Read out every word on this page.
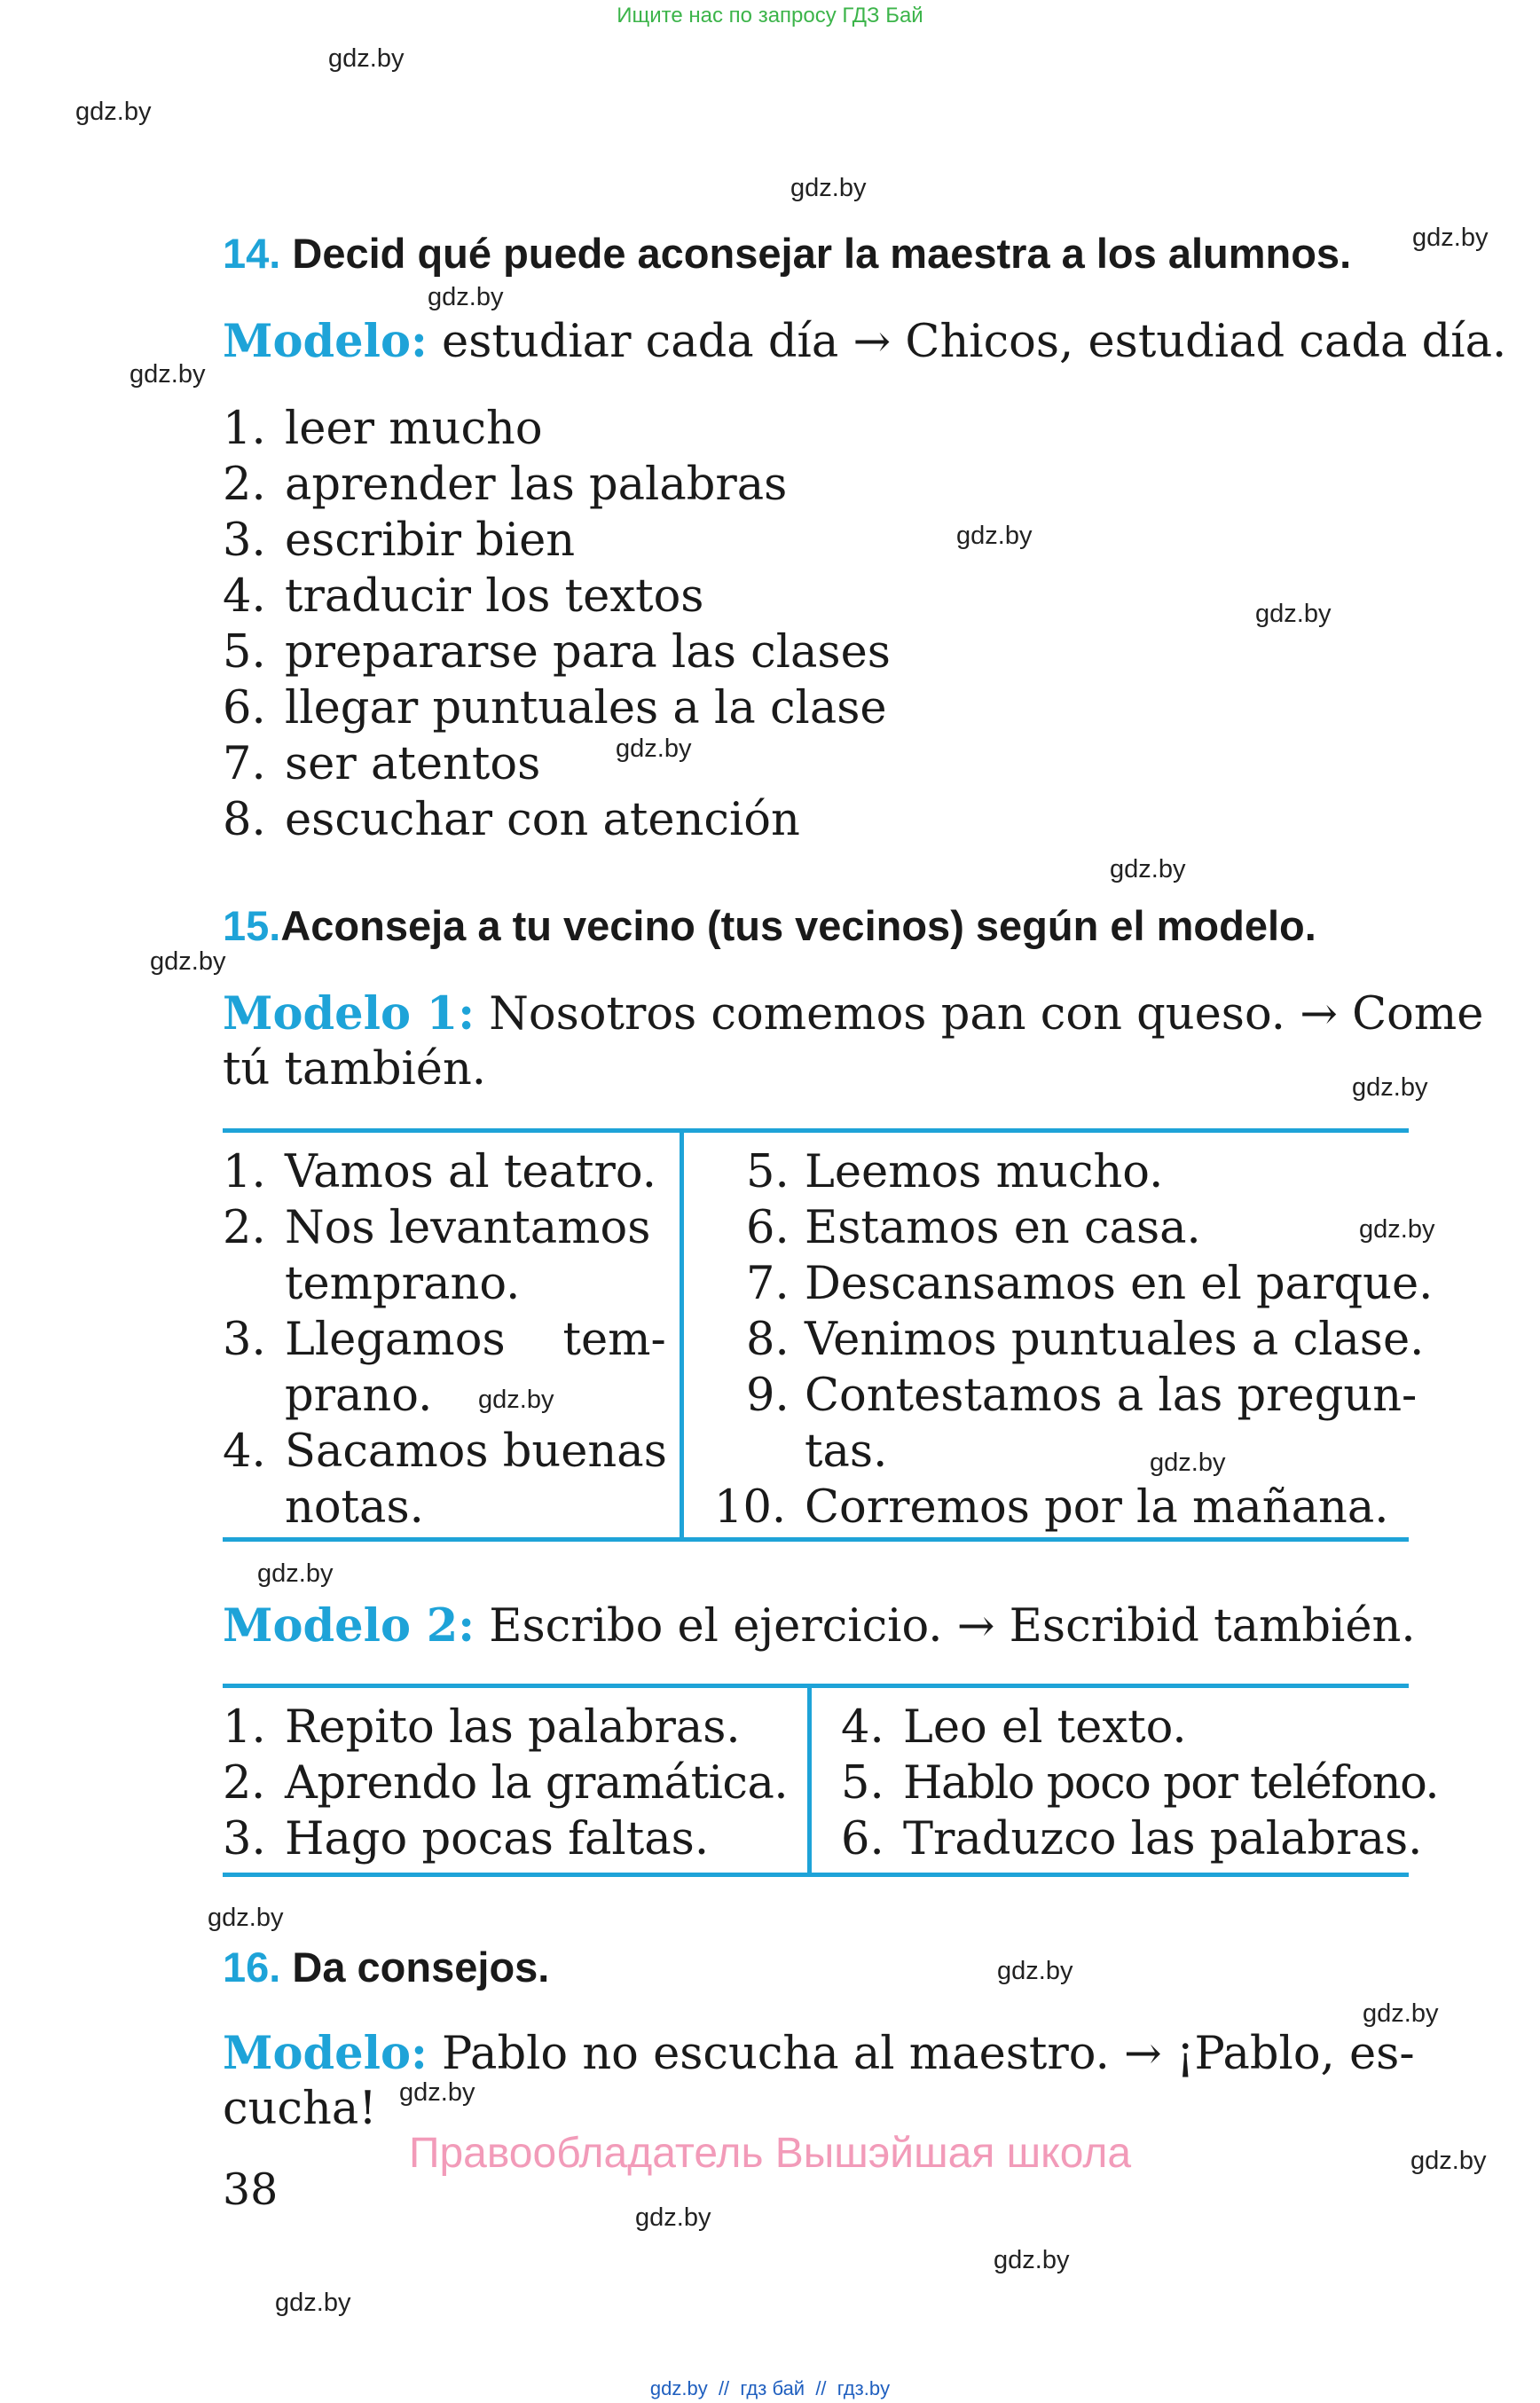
Ищите нас по запросу ГДЗ Бай
gdz.by
gdz.by
gdz.by
gdz.by
gdz.by
gdz.by
gdz.by
gdz.by
gdz.by
gdz.by
gdz.by
gdz.by
gdz.by
gdz.by
gdz.by
gdz.by
gdz.by
gdz.by
gdz.by
gdz.by
gdz.by
gdz.by
gdz.by
gdz.by
14. Decid qué puede aconsejar la maestra a los alumnos.
Modelo: estudiar cada día → Chicos, estudiad cada día.
1. leer mucho
2. aprender las palabras
3. escribir bien
4. traducir los textos
5. prepararse para las clases
6. llegar puntuales a la clase
7. ser atentos
8. escuchar con atención
15.Aconseja a tu vecino (tus vecinos) según el modelo.
Modelo 1: Nosotros comemos pan con queso. → Come
tú también.
1. Vamos al teatro.
2. Nos levantamos
temprano.
3. Llegamos    tem-
prano.
4. Sacamos buenas
notas.
5. Leemos mucho.
6. Estamos en casa.
7. Descansamos en el parque.
8. Venimos puntuales a clase.
9. Contestamos a las pregun-
tas.
10. Corremos por la mañana.
Modelo 2: Escribo el ejercicio. → Escribid también.
1. Repito las palabras.
2. Aprendo la gramática.
3. Hago pocas faltas.
4. Leo el texto.
5. Hablo poco por teléfono.
6. Traduzco las palabras.
16. Da consejos.
Modelo: Pablo no escucha al maestro. → ¡Pablo, es-
cucha!
Правообладатель Вышэйшая школа
38
gdz.by  //  гдз бай  //  гдз.by
